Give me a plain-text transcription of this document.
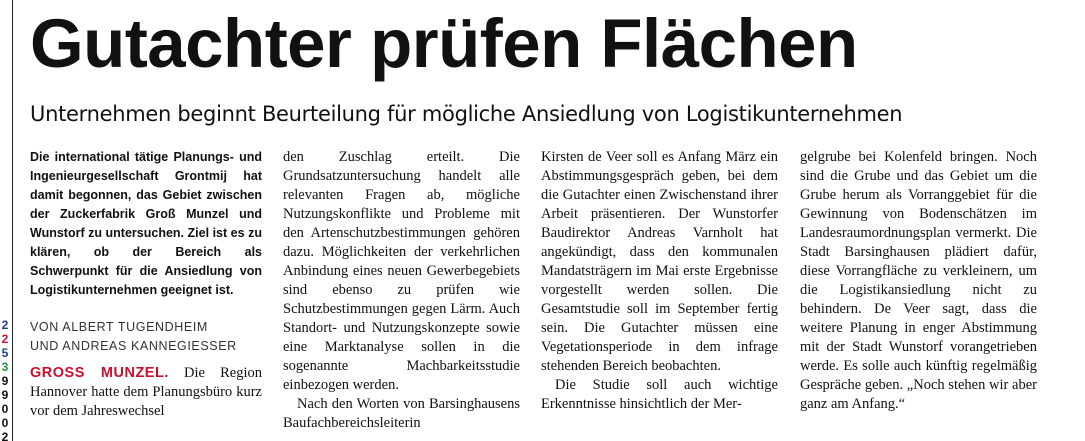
2
2
5
3
9
9
0
0
2
Gutachter prüfen Flächen
Unternehmen beginnt Beurteilung für mögliche Ansiedlung von Logistikunternehmen

Die international tätige Planungs- und Ingenieurgesellschaft Grontmij hat damit begonnen, das Gebiet zwischen der Zuckerfabrik Groß Munzel und Wunstorf zu untersuchen. Ziel ist es zu klären, ob der Bereich als Schwerpunkt für die Ansiedlung von Logistikunternehmen geeignet ist.

VON ALBERT TUGENDHEIM
UND ANDREAS KANNEGIESSER

GROSS MUNZEL. Die Region Hannover hatte dem Planungsbüro kurz vor dem Jahreswechsel

den Zuschlag erteilt. Die Grundsatzuntersuchung handelt alle relevanten Fragen ab, mögliche Nutzungskonflikte und Probleme mit den Artenschutzbestimmungen gehören dazu. Möglichkeiten der verkehrlichen Anbindung eines neuen Gewerbegebiets sind ebenso zu prüfen wie Schutzbestimmungen gegen Lärm. Auch Standort- und Nutzungskonzepte sowie eine Marktanalyse sollen in die sogenannte Machbarkeitsstudie einbezogen werden.

Nach den Worten von Barsinghausens Baufachbereichsleiterin

Kirsten de Veer soll es Anfang März ein Abstimmungsgespräch geben, bei dem die Gutachter einen Zwischenstand ihrer Arbeit präsentieren. Der Wunstorfer Baudirektor Andreas Varnholt hat angekündigt, dass den kommunalen Mandatsträgern im Mai erste Ergebnisse vorgestellt werden sollen. Die Gesamtstudie soll im September fertig sein. Die Gutachter müssen eine Vegetationsperiode in dem infrage stehenden Bereich beobachten.

Die Studie soll auch wichtige Erkenntnisse hinsichtlich der Mer-

gelgrube bei Kolenfeld bringen. Noch sind die Grube und das Gebiet um die Grube herum als Vorranggebiet für die Gewinnung von Bodenschätzen im Landesraumordnungsplan vermerkt. Die Stadt Barsinghausen plädiert dafür, diese Vorrangfläche zu verkleinern, um die Logistikansiedlung nicht zu behindern. De Veer sagt, dass die weitere Planung in enger Abstimmung mit der Stadt Wunstorf vorangetrieben werde. Es solle auch künftig regelmäßig Gespräche geben. „Noch stehen wir aber ganz am Anfang.“
